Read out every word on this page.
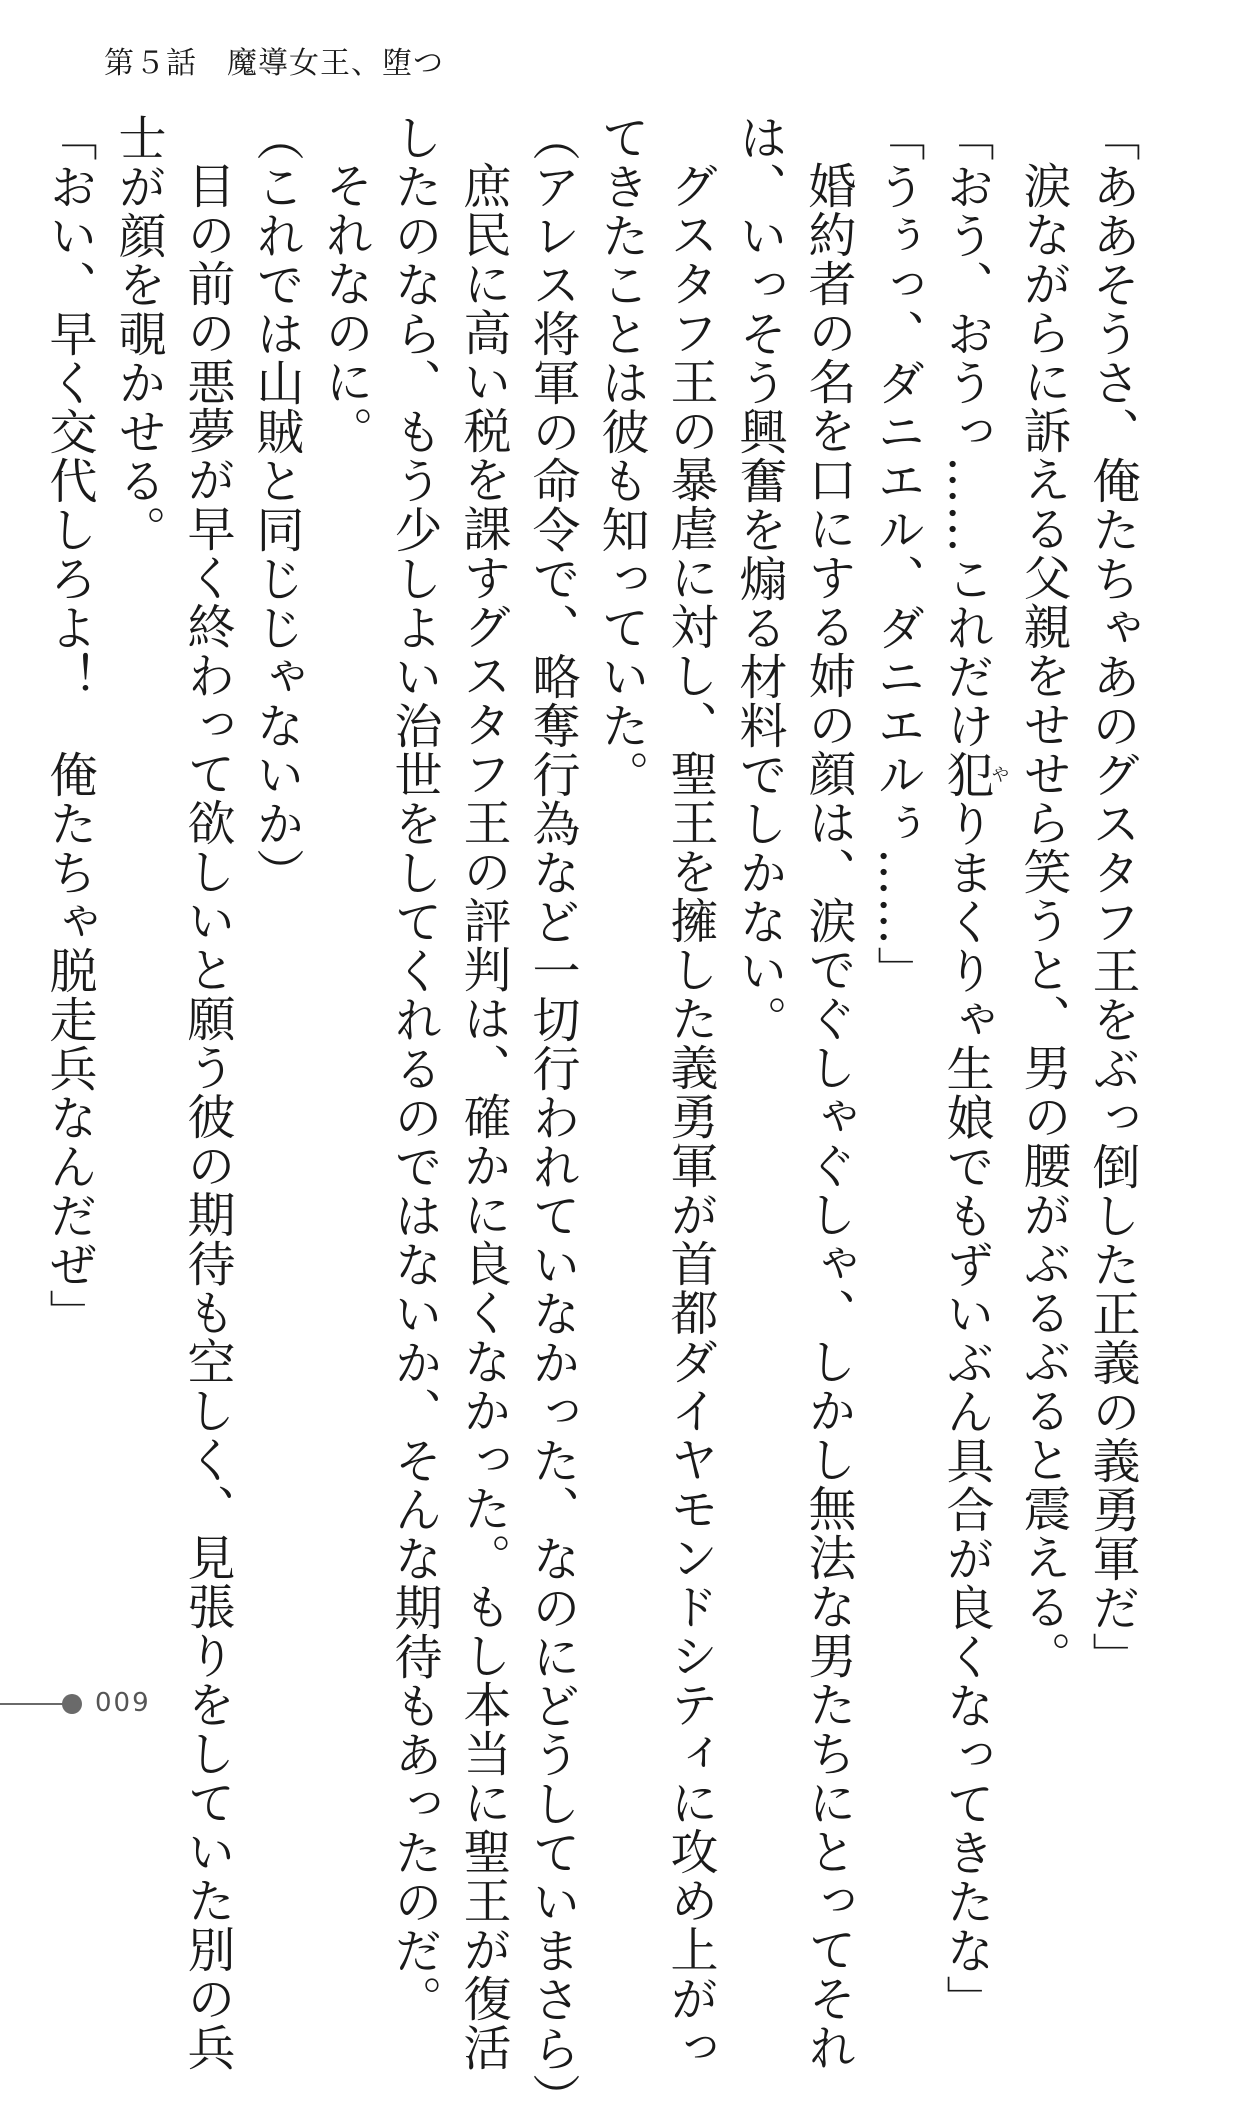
第５話 魔導女王、堕つ

「ああそうさ、俺たちゃあのグスタフ王をぶっ倒した正義の義勇軍だ」

涙ながらに訴える父親をせせら笑うと、男の腰がぶるぶると震える。

「おう、おうっ……これだけ犯やりまくりゃ生娘でもずいぶん具合が良くなってきたな」

「うぅっ、ダニエル、ダニエルぅ……」

婚約者の名を口にする姉の顔は、涙でぐしゃぐしゃ、しかし無法な男たちにとってそれ

は、いっそう興奮を煽る材料でしかない。

グスタフ王の暴虐に対し、聖王を擁した義勇軍が首都ダイヤモンドシティに攻め上がっ

てきたことは彼も知っていた。

（アレス将軍の命令で、略奪行為など一切行われていなかった、なのにどうしていまさら）

庶民に高い税を課すグスタフ王の評判は、確かに良くなかった。もし本当に聖王が復活

したのなら、もう少しよい治世をしてくれるのではないか、そんな期待もあったのだ。

それなのに。

（これでは山賊と同じじゃないか）

目の前の悪夢が早く終わって欲しいと願う彼の期待も空しく、見張りをしていた別の兵

士が顔を覗かせる。

「おい、早く交代しろよ！　俺たちゃ脱走兵なんだぜ」

009
